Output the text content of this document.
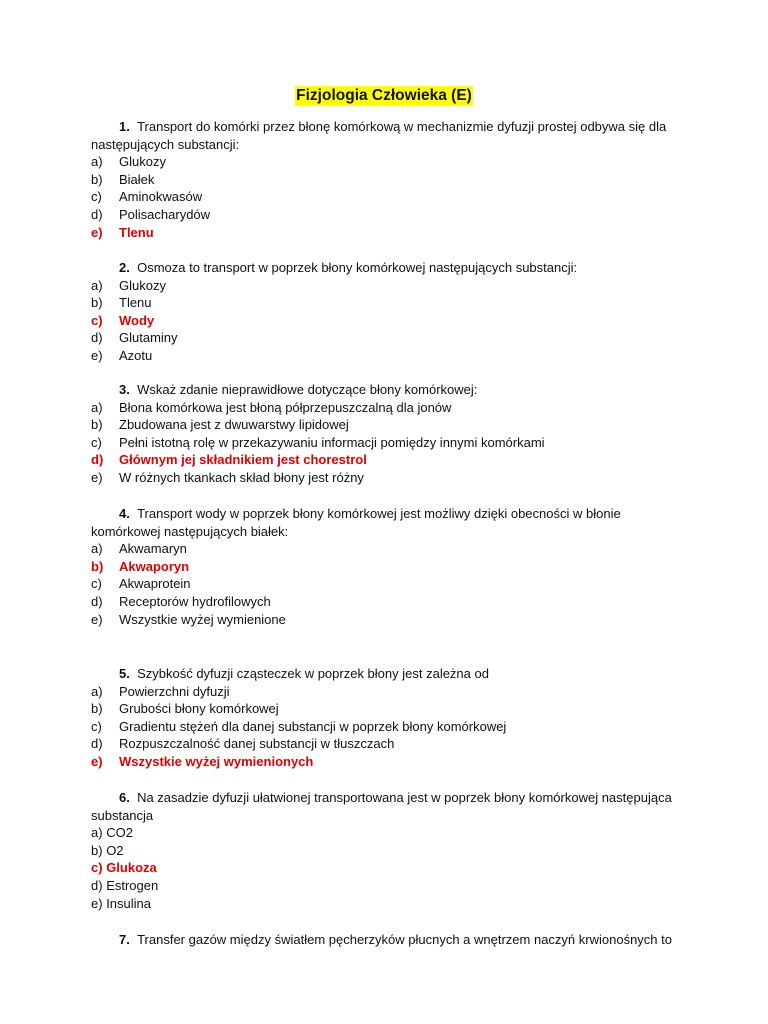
Fizjologia Człowieka (E)
1. Transport do komórki przez błonę komórkową w mechanizmie dyfuzji prostej odbywa się dla następujących substancji:
a) Glukozy
b) Białek
c) Aminokwasów
d) Polisacharydów
e) Tlenu
2. Osmoza to transport w poprzek błony komórkowej następujących substancji:
a) Glukozy
b) Tlenu
c) Wody
d) Glutaminy
e) Azotu
3. Wskaż zdanie nieprawidłowe dotyczące błony komórkowej:
a) Błona komórkowa jest błoną półprzepuszczalną dla jonów
b) Zbudowana jest z dwuwarstwy lipidowej
c) Pełni istotną rolę w przekazywaniu informacji pomiędzy innymi komórkami
d) Głównym jej składnikiem jest chorestrol
e) W różnych tkankach skład błony jest różny
4. Transport wody w poprzek błony komórkowej jest możliwy dzięki obecności w błonie komórkowej następujących białek:
a) Akwamaryn
b) Akwaporyn
c) Akwaprotein
d) Receptorów hydrofilowych
e) Wszystkie wyżej wymienione
5. Szybkość dyfuzji cząsteczek w poprzek błony jest zależna od
a) Powierzchni dyfuzji
b) Grubości błony komórkowej
c) Gradientu stężeń dla danej substancji w poprzek błony komórkowej
d) Rozpuszczalność danej substancji w tłuszczach
e) Wszystkie wyżej wymienionych
6. Na zasadzie dyfuzji ułatwionej transportowana jest w poprzek błony komórkowej następująca substancja
a) CO2
b) O2
c) Glukoza
d) Estrogen
e) Insulina
7. Transfer gazów między światłem pęcherzyków płucnych a wnętrzem naczyń krwionośnych to
